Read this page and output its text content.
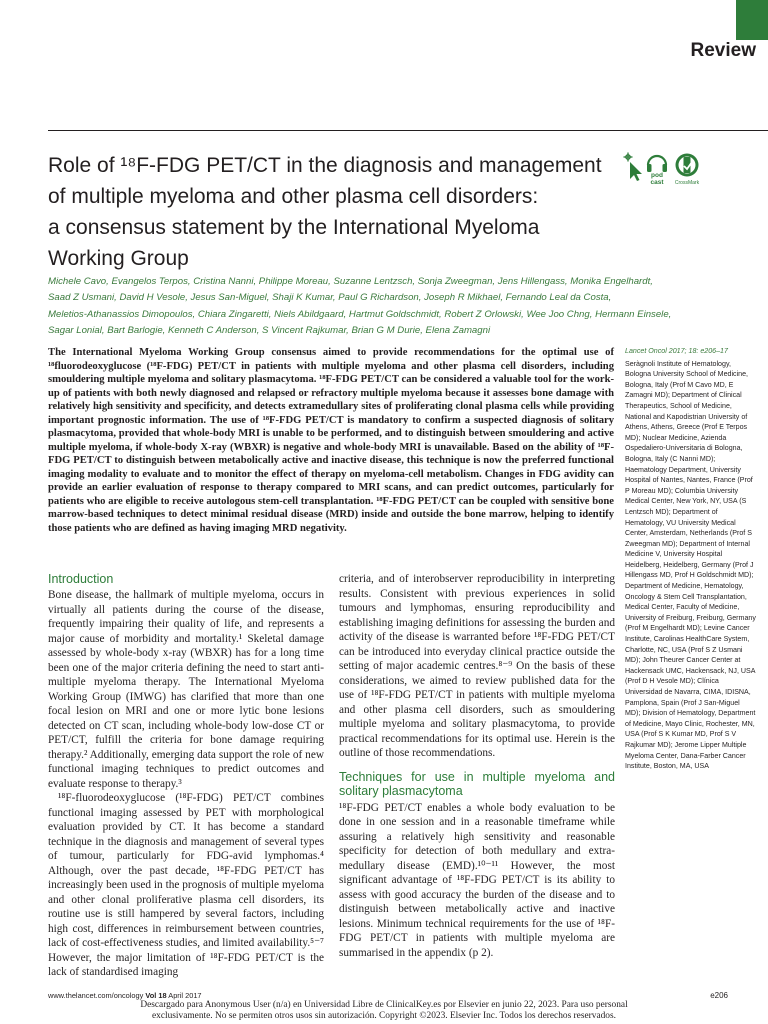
Review
Role of ¹⁸F-FDG PET/CT in the diagnosis and management
of multiple myeloma and other plasma cell disorders:
a consensus statement by the International Myeloma
Working Group
pod
cast CrossMark
Michele Cavo, Evangelos Terpos, Cristina Nanni, Philippe Moreau, Suzanne Lentzsch, Sonja Zweegman, Jens Hillengass, Monika Engelhardt,
Saad Z Usmani, David H Vesole, Jesus San-Miguel, Shaji K Kumar, Paul G Richardson, Joseph R Mikhael, Fernando Leal da Costa,
Meletios-Athanassios Dimopoulos, Chiara Zingaretti, Niels Abildgaard, Hartmut Goldschmidt, Robert Z Orlowski, Wee Joo Chng, Hermann Einsele,
Sagar Lonial, Bart Barlogie, Kenneth C Anderson, S Vincent Rajkumar, Brian G M Durie, Elena Zamagni

The International Myeloma Working Group consensus aimed to provide recommendations for the optimal use of ¹⁸fluorodeoxyglucose (¹⁸F-FDG) PET/CT in patients with multiple myeloma and other plasma cell disorders, including smouldering multiple myeloma and solitary plasmacytoma. ¹⁸F-FDG PET/CT can be considered a valuable tool for the work-up of patients with both newly diagnosed and relapsed or refractory multiple myeloma because it assesses bone damage with relatively high sensitivity and specificity, and detects extramedullary sites of proliferating clonal plasma cells while providing important prognostic information. The use of ¹⁸F-FDG PET/CT is mandatory to confirm a suspected diagnosis of solitary plasmacytoma, provided that whole-body MRI is unable to be performed, and to distinguish between smouldering and active multiple myeloma, if whole-body X-ray (WBXR) is negative and whole-body MRI is unavailable. Based on the ability of ¹⁸F-FDG PET/CT to distinguish between metabolically active and inactive disease, this technique is now the preferred functional imaging modality to evaluate and to monitor the effect of therapy on myeloma-cell metabolism. Changes in FDG avidity can provide an earlier evaluation of response to therapy compared to MRI scans, and can predict outcomes, particularly for patients who are eligible to receive autologous stem-cell transplantation. ¹⁸F-FDG PET/CT can be coupled with sensitive bone marrow-based techniques to detect minimal residual disease (MRD) inside and outside the bone marrow, helping to identify those patients who are defined as having imaging MRD negativity.

Introduction

Bone disease, the hallmark of multiple myeloma, occurs in virtually all patients during the course of the disease, frequently impairing their quality of life, and represents a major cause of morbidity and mortality.¹ Skeletal damage assessed by whole-body x-ray (WBXR) has for a long time been one of the major criteria defining the need to start anti-multiple myeloma therapy. The International Myeloma Working Group (IMWG) has clarified that more than one focal lesion on MRI and one or more lytic bone lesions detected on CT scan, including whole-body low-dose CT or PET/CT, fulfill the criteria for bone damage requiring therapy.² Additionally, emerging data support the role of new functional imaging techniques to predict outcomes and evaluate response to therapy.³

¹⁸F-fluorodeoxyglucose (¹⁸F-FDG) PET/CT combines functional imaging assessed by PET with morphological evaluation provided by CT. It has become a standard technique in the diagnosis and management of several types of tumour, particularly for FDG-avid lymphomas.⁴ Although, over the past decade, ¹⁸F-FDG PET/CT has increasingly been used in the prognosis of multiple myeloma and other clonal proliferative plasma cell disorders, its routine use is still hampered by several factors, including high cost, differences in reimbursement between countries, lack of cost-effectiveness studies, and limited availability.⁵⁻⁷ However, the major limitation of ¹⁸F-FDG PET/CT is the lack of standardised imaging

criteria, and of interobserver reproducibility in interpreting results. Consistent with previous experiences in solid tumours and lymphomas, ensuring reproducibility and establishing imaging definitions for assessing the burden and activity of the disease is warranted before ¹⁸F-FDG PET/CT can be introduced into everyday clinical practice outside the setting of major academic centres.⁸⁻⁹ On the basis of these considerations, we aimed to review published data for the use of ¹⁸F-FDG PET/CT in patients with multiple myeloma and other plasma cell disorders, such as smouldering multiple myeloma and solitary plasmacytoma, to provide practical recommendations for its optimal use. Herein is the outline of those recommendations.

Techniques for use in multiple myeloma and solitary plasmacytoma

¹⁸F-FDG PET/CT enables a whole body evaluation to be done in one session and in a reasonable timeframe while assuring a relatively high sensitivity and reasonable specificity for detection of both medullary and extra-medullary disease (EMD).¹⁰⁻¹¹ However, the most significant advantage of ¹⁸F-FDG PET/CT is its ability to assess with good accuracy the burden of the disease and to distinguish between metabolically active and inactive lesions. Minimum technical requirements for the use of ¹⁸F-FDG PET/CT in patients with multiple myeloma are summarised in the appendix (p 2).

Lancet Oncol 2017; 18: e206–17
Seràgnoli Institute of Hematology, Bologna University School of Medicine, Bologna, Italy (Prof M Cavo MD, E Zamagni MD); Department of Clinical Therapeutics, School of Medicine, National and Kapodistrian University of Athens, Athens, Greece (Prof E Terpos MD); Nuclear Medicine, Azienda Ospedaliero-Universitaria di Bologna, Bologna, Italy (C Nanni MD); Haematology Department, University Hospital of Nantes, Nantes, France (Prof P Moreau MD); Columbia University Medical Center, New York, NY, USA (S Lentzsch MD); Department of Hematology, VU University Medical Center, Amsterdam, Netherlands (Prof S Zweegman MD); Department of Internal Medicine V, University Hospital Heidelberg, Heidelberg, Germany (Prof J Hillengass MD, Prof H Goldschmidt MD); Department of Medicine, Hematology, Oncology & Stem Cell Transplantation, Medical Center, Faculty of Medicine, University of Freiburg, Freiburg, Germany (Prof M Engelhardt MD); Levine Cancer Institute, Carolinas HealthCare System, Charlotte, NC, USA (Prof S Z Usmani MD); John Theurer Cancer Center at Hackensack UMC, Hackensack, NJ, USA (Prof D H Vesole MD); Clínica Universidad de Navarra, CIMA, IDISNA, Pamplona, Spain (Prof J San-Miguel MD); Division of Hematology, Department of Medicine, Mayo Clinic, Rochester, MN, USA (Prof S K Kumar MD, Prof S V Rajkumar MD); Jerome Lipper Multiple Myeloma Center, Dana-Farber Cancer Institute, Boston, MA, USA
www.thelancet.com/oncology Vol 18 April 2017	e206
Descargado para Anonymous User (n/a) en Universidad Libre de ClinicalKey.es por Elsevier en junio 22, 2023. Para uso personal
exclusivamente. No se permiten otros usos sin autorización. Copyright ©2023. Elsevier Inc. Todos los derechos reservados.
